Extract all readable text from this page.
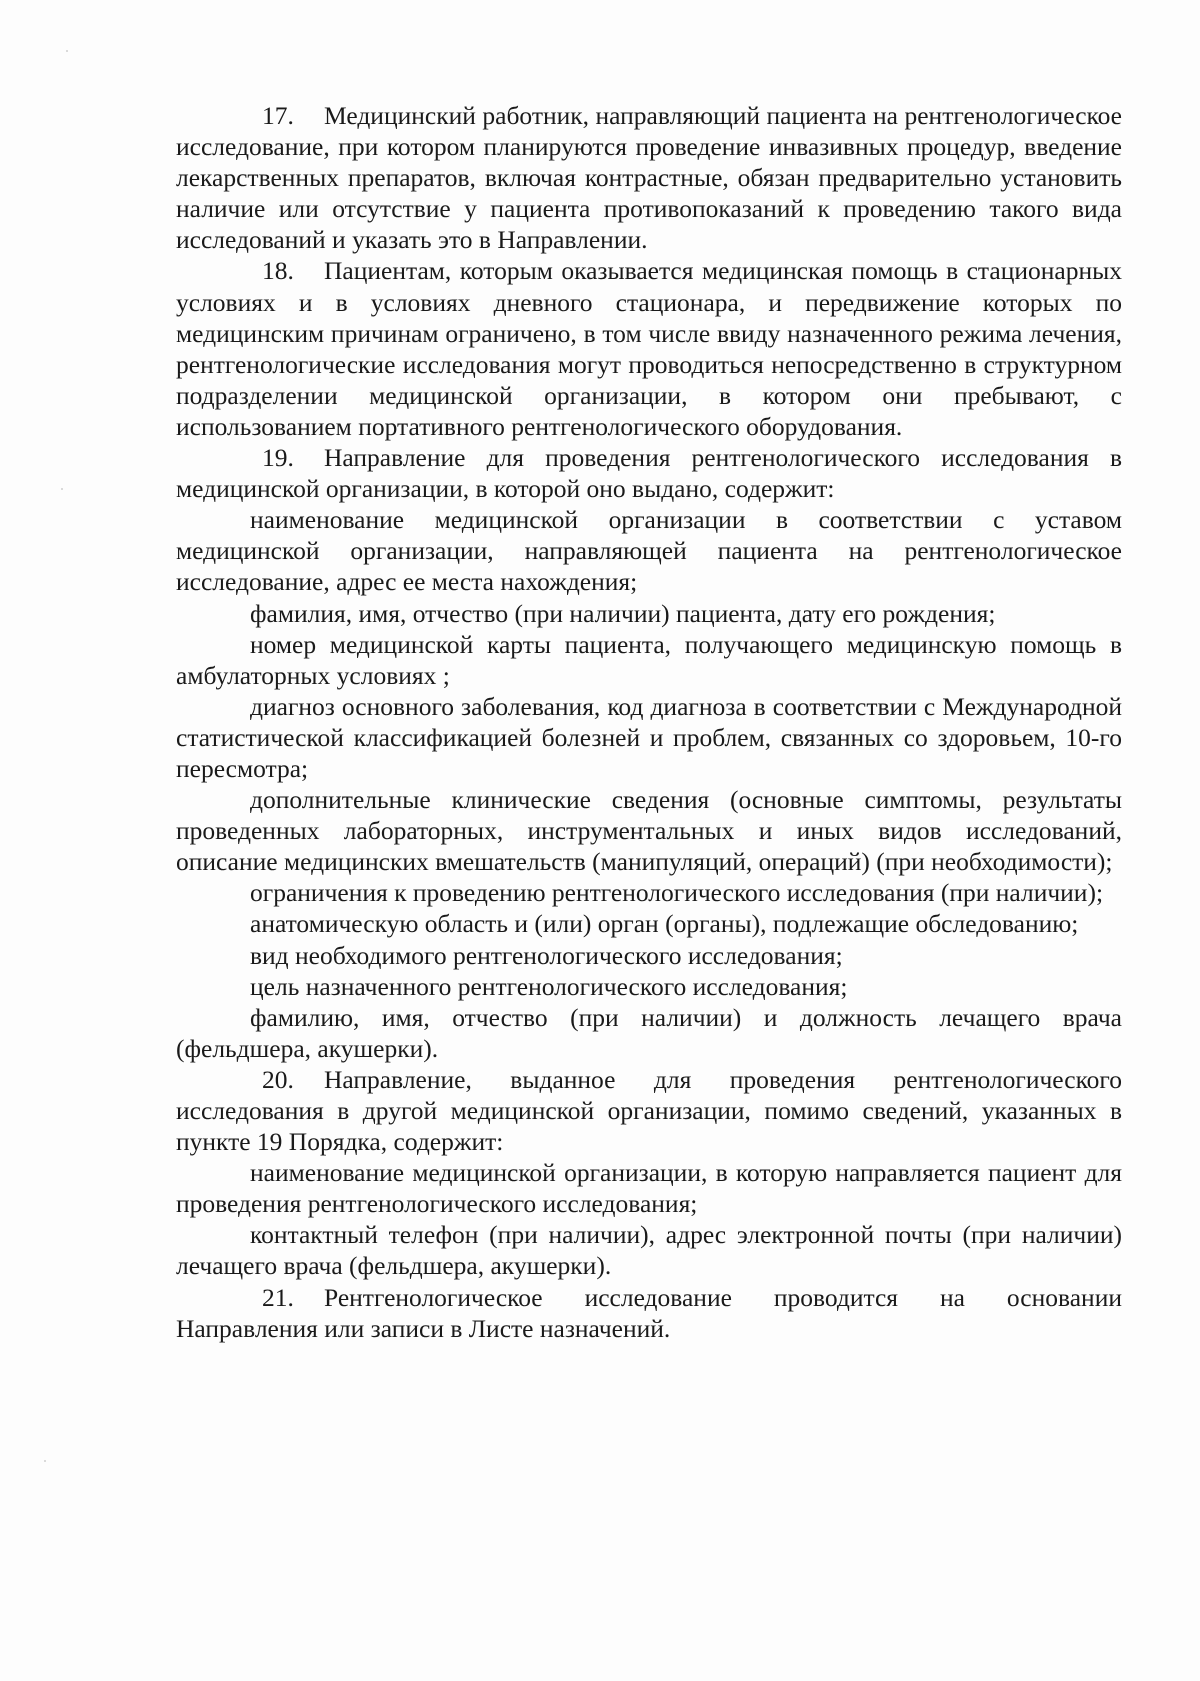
17. Медицинский работник, направляющий пациента на рентгенологическое исследование, при котором планируются проведение инвазивных процедур, введение лекарственных препаратов, включая контрастные, обязан предварительно установить наличие или отсутствие у пациента противопоказаний к проведению такого вида исследований и указать это в Направлении.

18. Пациентам, которым оказывается медицинская помощь в стационарных условиях и в условиях дневного стационара, и передвижение которых по медицинским причинам ограничено, в том числе ввиду назначенного режима лечения, рентгенологические исследования могут проводиться непосредственно в структурном подразделении медицинской организации, в котором они пребывают, с использованием портативного рентгенологического оборудования.

19. Направление для проведения рентгенологического исследования в медицинской организации, в которой оно выдано, содержит:

наименование медицинской организации в соответствии с уставом медицинской организации, направляющей пациента на рентгенологическое исследование, адрес ее места нахождения;

фамилия, имя, отчество (при наличии) пациента, дату его рождения;

номер медицинской карты пациента, получающего медицинскую помощь в амбулаторных условиях ;

диагноз основного заболевания, код диагноза в соответствии с Международной статистической классификацией болезней и проблем, связанных со здоровьем, 10-го пересмотра;

дополнительные клинические сведения (основные симптомы, результаты проведенных лабораторных, инструментальных и иных видов исследований, описание медицинских вмешательств (манипуляций, операций) (при необходимости);

ограничения к проведению рентгенологического исследования (при наличии);

анатомическую область и (или) орган (органы), подлежащие обследованию;

вид необходимого рентгенологического исследования;

цель назначенного рентгенологического исследования;

фамилию, имя, отчество (при наличии) и должность лечащего врача (фельдшера, акушерки).

20. Направление, выданное для проведения рентгенологического исследования в другой медицинской организации, помимо сведений, указанных в пункте 19 Порядка, содержит:

наименование медицинской организации, в которую направляется пациент для проведения рентгенологического исследования;

контактный телефон (при наличии), адрес электронной почты (при наличии) лечащего врача (фельдшера, акушерки).

21. Рентгенологическое исследование проводится на основании Направления или записи в Листе назначений.
